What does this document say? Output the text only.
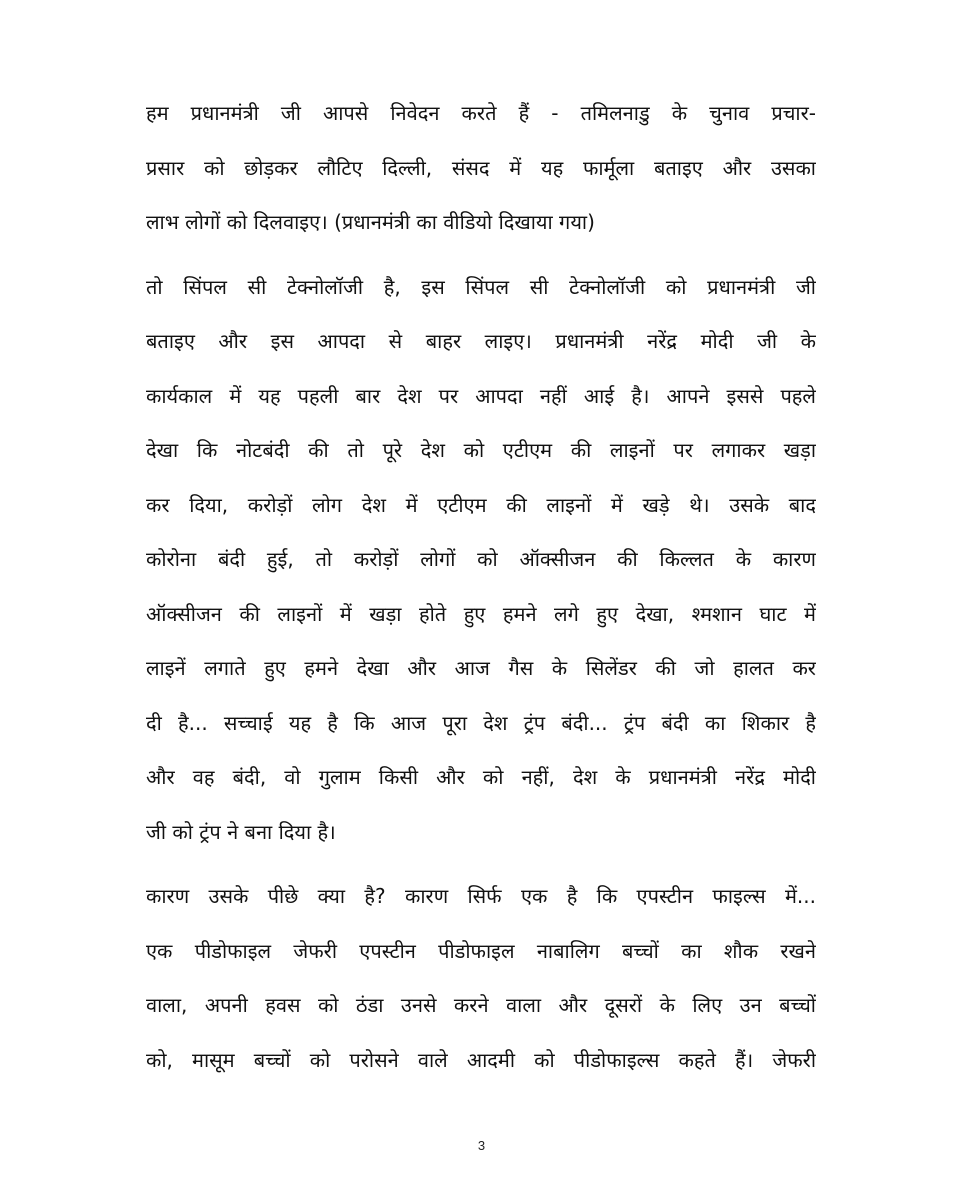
हम प्रधानमंत्री जी आपसे निवेदन करते हैं - तमिलनाडु के चुनाव प्रचार-
प्रसार को छोड़कर लौटिए दिल्ली, संसद में यह फार्मूला बताइए और उसका
लाभ लोगों को दिलवाइए। (प्रधानमंत्री का वीडियो दिखाया गया)

तो सिंपल सी टेक्नोलॉजी है, इस सिंपल सी टेक्नोलॉजी को प्रधानमंत्री जी
बताइए और इस आपदा से बाहर लाइए। प्रधानमंत्री नरेंद्र मोदी जी के
कार्यकाल में यह पहली बार देश पर आपदा नहीं आई है। आपने इससे पहले
देखा कि नोटबंदी की तो पूरे देश को एटीएम की लाइनों पर लगाकर खड़ा
कर दिया, करोड़ों लोग देश में एटीएम की लाइनों में खड़े थे। उसके बाद
कोरोना बंदी हुई, तो करोड़ों लोगों को ऑक्सीजन की किल्लत के कारण
ऑक्सीजन की लाइनों में खड़ा होते हुए हमने लगे हुए देखा, श्मशान घाट में
लाइनें लगाते हुए हमने देखा और आज गैस के सिलेंडर की जो हालत कर
दी है... सच्चाई यह है कि आज पूरा देश ट्रंप बंदी... ट्रंप बंदी का शिकार है
और वह बंदी, वो गुलाम किसी और को नहीं, देश के प्रधानमंत्री नरेंद्र मोदी
जी को ट्रंप ने बना दिया है।

कारण उसके पीछे क्या है? कारण सिर्फ एक है कि एपस्टीन फाइल्स में...
एक पीडोफाइल जेफरी एपस्टीन पीडोफाइल नाबालिग बच्चों का शौक रखने
वाला, अपनी हवस को ठंडा उनसे करने वाला और दूसरों के लिए उन बच्चों
को, मासूम बच्चों को परोसने वाले आदमी को पीडोफाइल्स कहते हैं। जेफरी

3
